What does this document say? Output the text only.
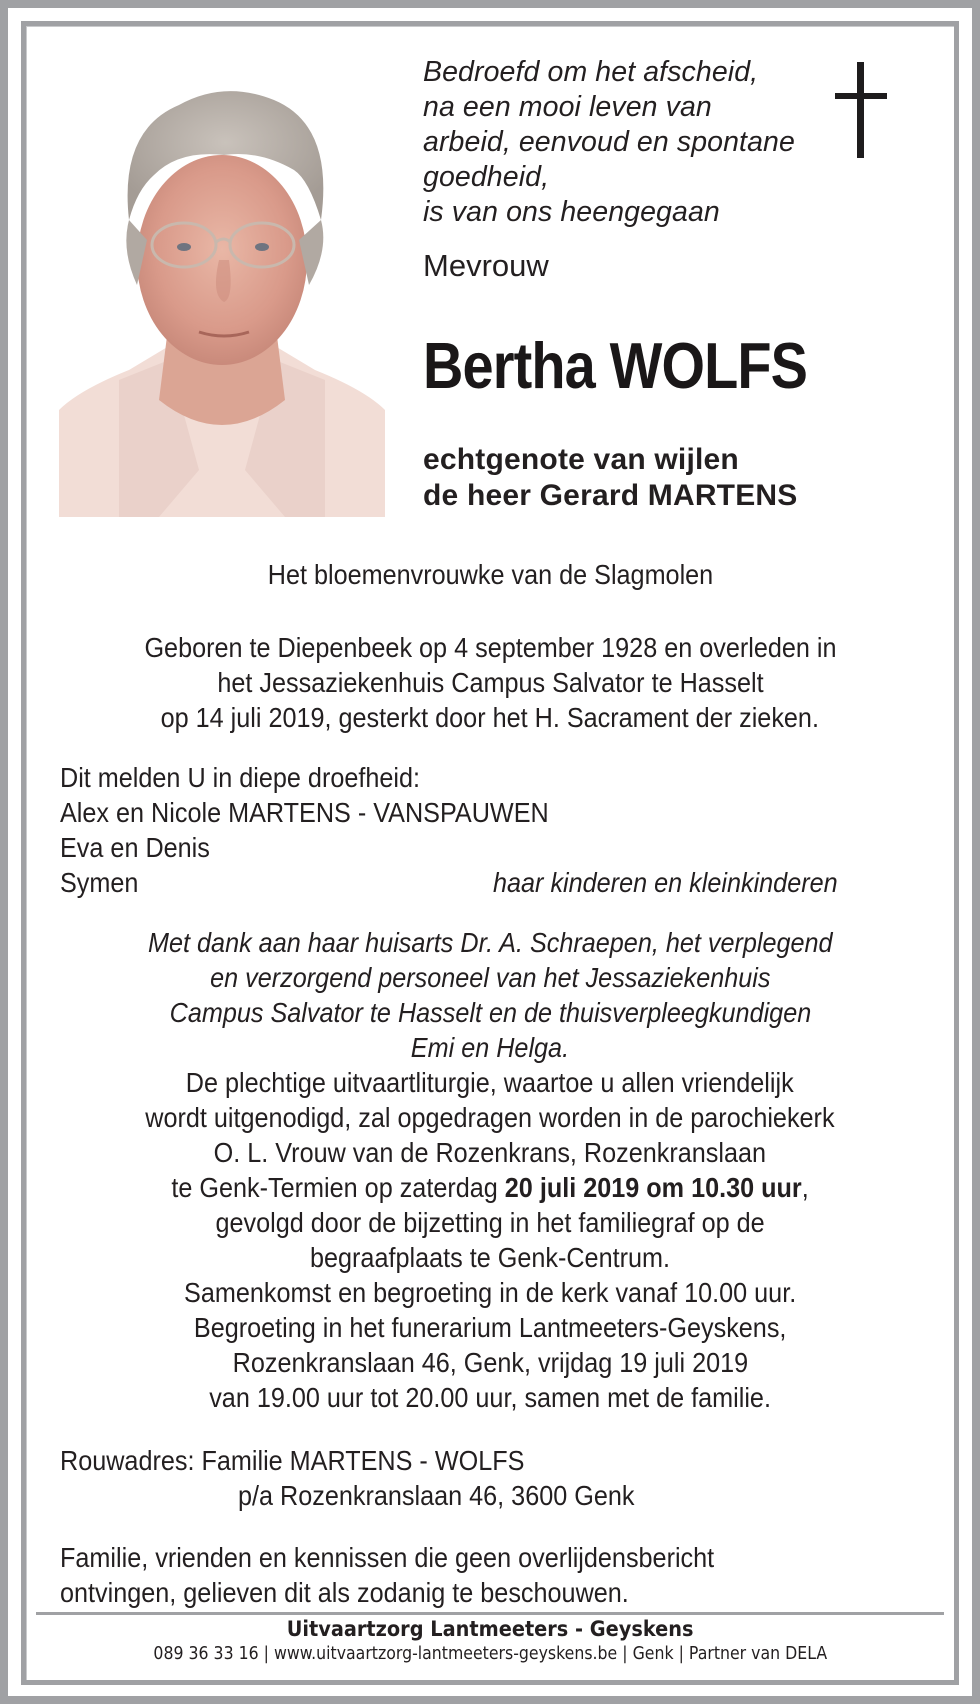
Bedroefd om het afscheid,
na een mooi leven van
arbeid, eenvoud en spontane
goedheid,
is van ons heengegaan
Mevrouw
Bertha WOLFS
echtgenote van wijlen
de heer Gerard MARTENS
Het bloemenvrouwke van de Slagmolen
Geboren te Diepenbeek op 4 september 1928 en overleden in
het Jessaziekenhuis Campus Salvator te Hasselt
op 14 juli 2019, gesterkt door het H. Sacrament der zieken.
Dit melden U in diepe droefheid:
Alex en Nicole MARTENS - VANSPAUWEN
Eva en Denis
Symen	haar kinderen en kleinkinderen
Met dank aan haar huisarts Dr. A. Schraepen, het verplegend
en verzorgend personeel van het Jessaziekenhuis
Campus Salvator te Hasselt en de thuisverpleegkundigen
Emi en Helga.
De plechtige uitvaartliturgie, waartoe u allen vriendelijk
wordt uitgenodigd, zal opgedragen worden in de parochiekerk
O. L. Vrouw van de Rozenkrans, Rozenkranslaan
te Genk-Termien op zaterdag 20 juli 2019 om 10.30 uur,
gevolgd door de bijzetting in het familiegraf op de
begraafplaats te Genk-Centrum.
Samenkomst en begroeting in de kerk vanaf 10.00 uur.
Begroeting in het funerarium Lantmeeters-Geyskens,
Rozenkranslaan 46, Genk, vrijdag 19 juli 2019
van 19.00 uur tot 20.00 uur, samen met de familie.
Rouwadres: Familie MARTENS - WOLFS
p/a Rozenkranslaan 46, 3600 Genk
Familie, vrienden en kennissen die geen overlijdensbericht
ontvingen, gelieven dit als zodanig te beschouwen.
Uitvaartzorg Lantmeeters - Geyskens
089 36 33 16 | www.uitvaartzorg-lantmeeters-geyskens.be | Genk | Partner van DELA
